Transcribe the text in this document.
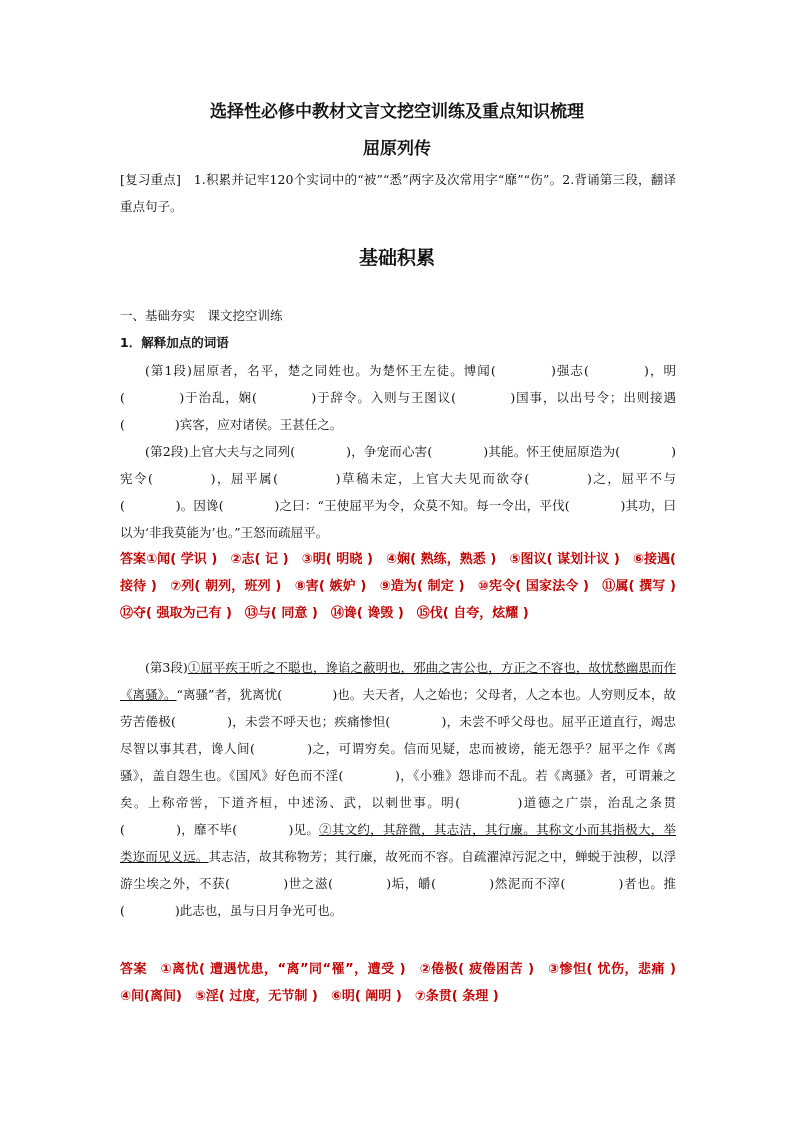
选择性必修中教材文言文挖空训练及重点知识梳理
屈原列传
[复习重点]　1.积累并记牢120个实词中的“被”“悉”两字及次常用字“靡”“伤”。2.背诵第三段，翻译重点句子。
基础积累
一、基础夯实　课文挖空训练
1．解释加点的词语
(第1段)屈原者，名平，楚之同姓也。为楚怀王左徒。博闻(　　　　)强志(　　　　)，明(　　　　)于治乱，娴(　　　　)于辞令。入则与王图议(　　　　)国事，以出号令；出则接遇(　　　　)宾客，应对诸侯。王甚任之。
(第2段)上官大夫与之同列(　　　　)，争宠而心害(　　　　)其能。怀王使屈原造为(　　　　)宪令(　　　　)，屈平属(　　　　)草稿未定，上官大夫见而欲夺(　　　　)之，屈平不与(　　　　)。因谗(　　　　)之曰：“王使屈平为令，众莫不知。每一令出，平伐(　　　　)其功，曰以为‘非我莫能为’也。”王怒而疏屈平。
答案①闻( 学识 )　②志( 记 )　③明( 明晓 )　④娴( 熟练，熟悉 )　⑤图议( 谋划计议 )　⑥接遇( 接待 )　⑦列( 朝列，班列 )　⑧害( 嫉妒 )　⑨造为( 制定 )　⑩宪令( 国家法令 )　⑪属( 撰写 )　⑫夺( 强取为己有 )　⑬与( 同意 )　⑭谗( 谗毁 )　⑮伐( 自夸，炫耀 )
(第3段)①屈平疾王听之不聪也，谗谄之蔽明也，邪曲之害公也，方正之不容也，故忧愁幽思而作《离骚》。“离骚”者，犹离忧(　　　　)也。夫天者，人之始也；父母者，人之本也。人穷则反本，故劳苦倦极(　　　　)，未尝不呼天也；疾痛惨怛(　　　　)，未尝不呼父母也。屈平正道直行，竭忠尽智以事其君，谗人间(　　　　)之，可谓穷矣。信而见疑，忠而被谤，能无怨乎？屈平之作《离骚》，盖自怨生也。《国风》好色而不淫(　　　　)，《小雅》怨诽而不乱。若《离骚》者，可谓兼之矣。上称帝喾，下道齐桓，中述汤、武，以刺世事。明(　　　　)道德之广崇，治乱之条贯(　　　　)，靡不毕(　　　　)见。②其文约，其辞微，其志洁，其行廉。其称文小而其指极大，举类迩而见义远。其志洁，故其称物芳；其行廉，故死而不容。自疏濯淖污泥之中，蝉蜕于浊秽，以浮游尘埃之外，不获(　　　　)世之滋(　　　　)垢，皭(　　　　)然泥而不滓(　　　　)者也。推(　　　　)此志也，虽与日月争光可也。
答案　①离忧( 遭遇忧患，“离”同“罹”，遭受 )　②倦极( 疲倦困苦 )　③惨怛( 忧伤，悲痛 )　④间(离间)　⑤淫( 过度，无节制 )　⑥明( 阐明 )　⑦条贯( 条理 )
